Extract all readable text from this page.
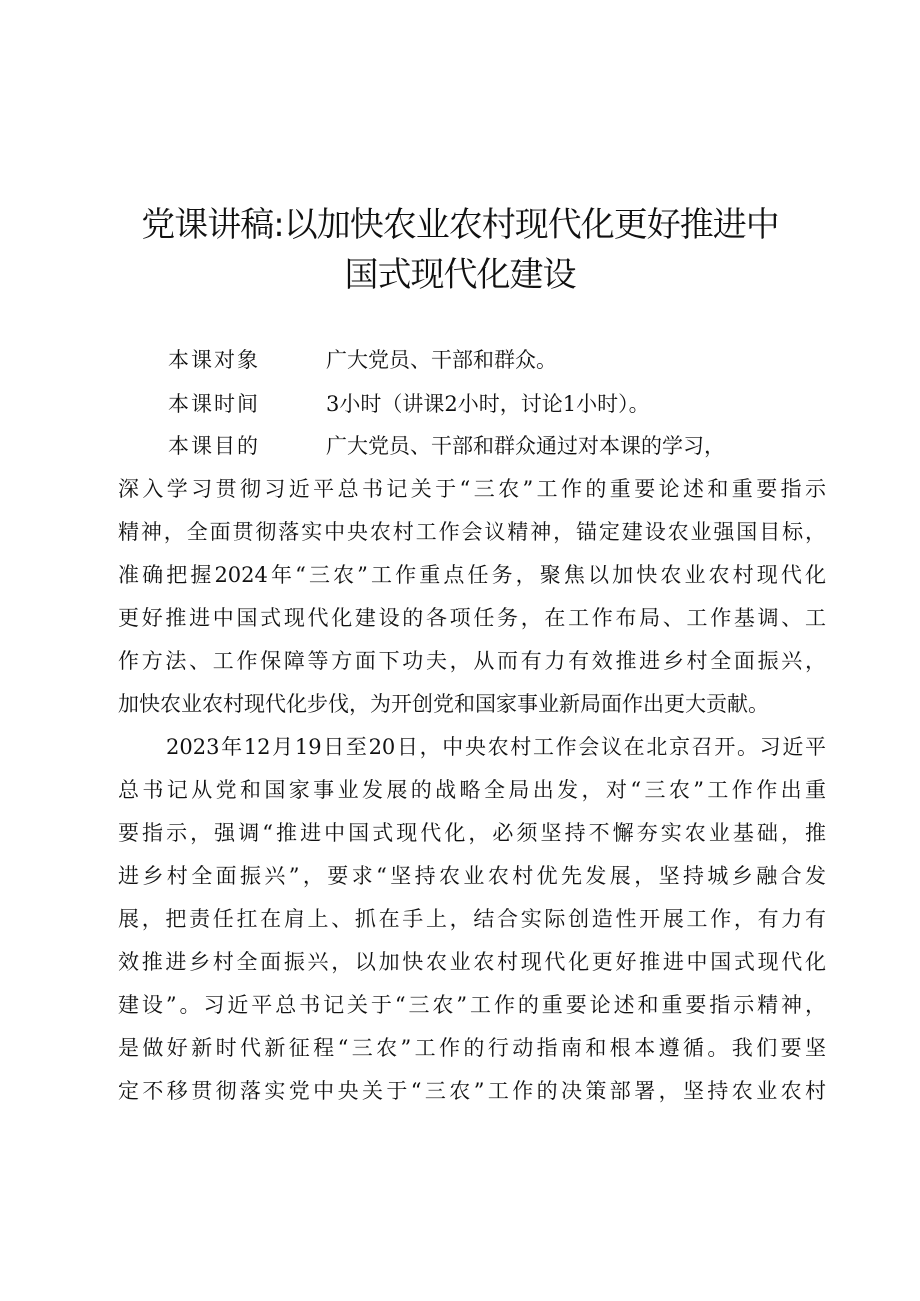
党课讲稿:以加快农业农村现代化更好推进中
国式现代化建设
本课对象	广大党员、干部和群众。
本课时间	3小时（讲课2小时，讨论1小时）。
本课目的	广大党员、干部和群众通过对本课的学习，
深入学习贯彻习近平总书记关于“三农”工作的重要论述和重要指示
精神，全面贯彻落实中央农村工作会议精神，锚定建设农业强国目标，
准确把握2024年“三农”工作重点任务，聚焦以加快农业农村现代化
更好推进中国式现代化建设的各项任务，在工作布局、工作基调、工
作方法、工作保障等方面下功夫，从而有力有效推进乡村全面振兴，
加快农业农村现代化步伐，为开创党和国家事业新局面作出更大贡献。
2023年12月19日至20日，中央农村工作会议在北京召开。习近平
总书记从党和国家事业发展的战略全局出发，对“三农”工作作出重
要指示，强调“推进中国式现代化，必须坚持不懈夯实农业基础，推
进乡村全面振兴”，要求“坚持农业农村优先发展，坚持城乡融合发
展，把责任扛在肩上、抓在手上，结合实际创造性开展工作，有力有
效推进乡村全面振兴，以加快农业农村现代化更好推进中国式现代化
建设”。习近平总书记关于“三农”工作的重要论述和重要指示精神，
是做好新时代新征程“三农”工作的行动指南和根本遵循。我们要坚
定不移贯彻落实党中央关于“三农”工作的决策部署，坚持农业农村
